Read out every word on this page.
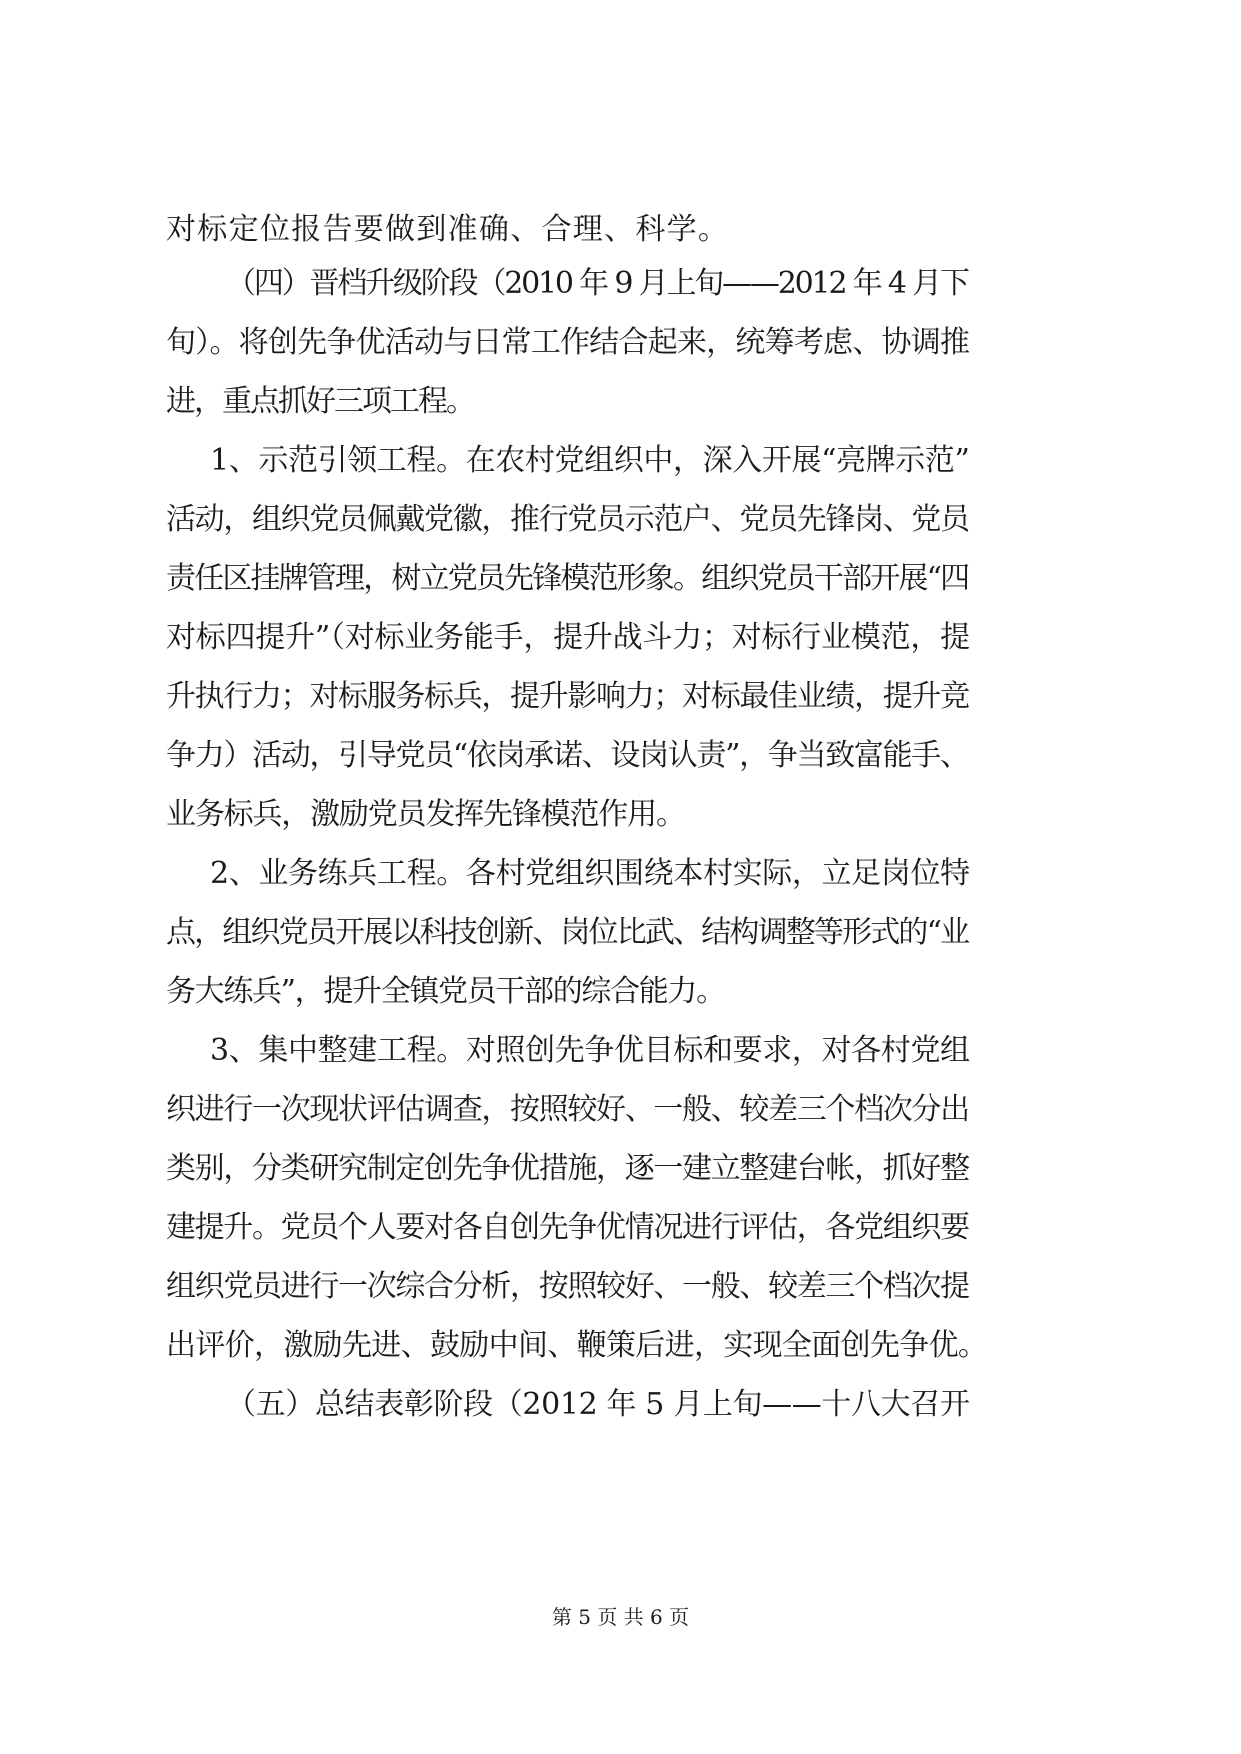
对标定位报告要做到准确、合理、科学。
（四）晋档升级阶段（2010 年 9 月上旬——2012 年 4 月下
旬）。将创先争优活动与日常工作结合起来，统筹考虑、协调推
进，重点抓好三项工程。
1、示范引领工程。在农村党组织中，深入开展“亮牌示范”
活动，组织党员佩戴党徽，推行党员示范户、党员先锋岗、党员
责任区挂牌管理，树立党员先锋模范形象。组织党员干部开展“四
对标四提升”（对标业务能手，提升战斗力；对标行业模范，提
升执行力；对标服务标兵，提升影响力；对标最佳业绩，提升竞
争力）活动，引导党员“依岗承诺、设岗认责”，争当致富能手、
业务标兵，激励党员发挥先锋模范作用。
2、业务练兵工程。各村党组织围绕本村实际，立足岗位特
点，组织党员开展以科技创新、岗位比武、结构调整等形式的“业
务大练兵”，提升全镇党员干部的综合能力。
3、集中整建工程。对照创先争优目标和要求，对各村党组
织进行一次现状评估调查，按照较好、一般、较差三个档次分出
类别，分类研究制定创先争优措施，逐一建立整建台帐，抓好整
建提升。党员个人要对各自创先争优情况进行评估，各党组织要
组织党员进行一次综合分析，按照较好、一般、较差三个档次提
出评价，激励先进、鼓励中间、鞭策后进，实现全面创先争优。
（五）总结表彰阶段（2012 年 5 月上旬——十八大召开
第 5 页 共 6 页
